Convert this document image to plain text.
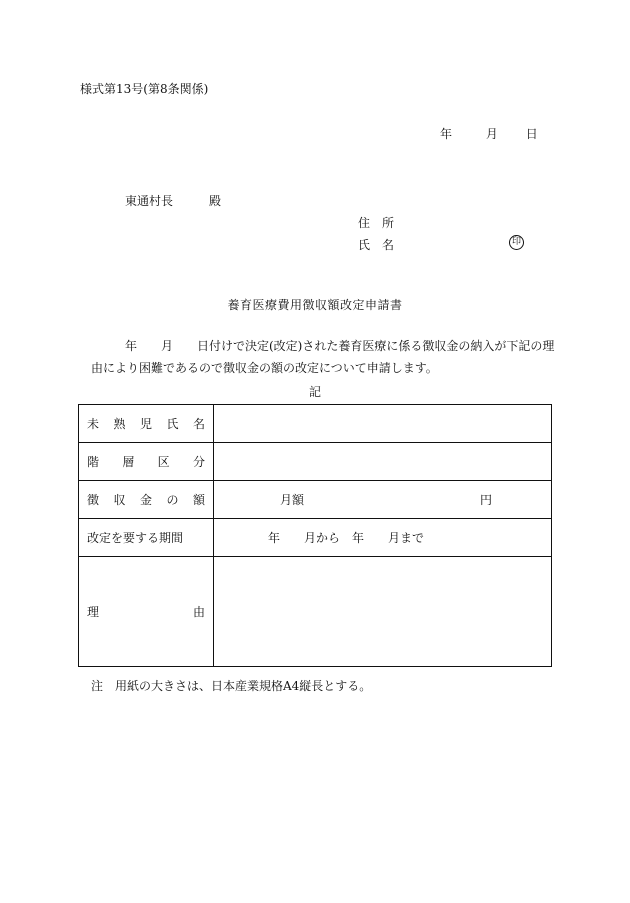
様式第13号(第8条関係)
年	月 日
東通村長	殿
住　所
氏　名	印
養育医療費用徴収額改定申請書
年　　月　　日付けで決定(改定)された養育医療に係る徴収金の納入が下記の理
由により困難であるので徴収金の額の改定について申請します。
記
未 熟 児 氏 名	

階 層 区 分	

徴 収 金 の 額	月額 円
改定を要する期間	年　　月から　年　　月まで

理 由	

注　用紙の大きさは、日本産業規格A4縦長とする。
